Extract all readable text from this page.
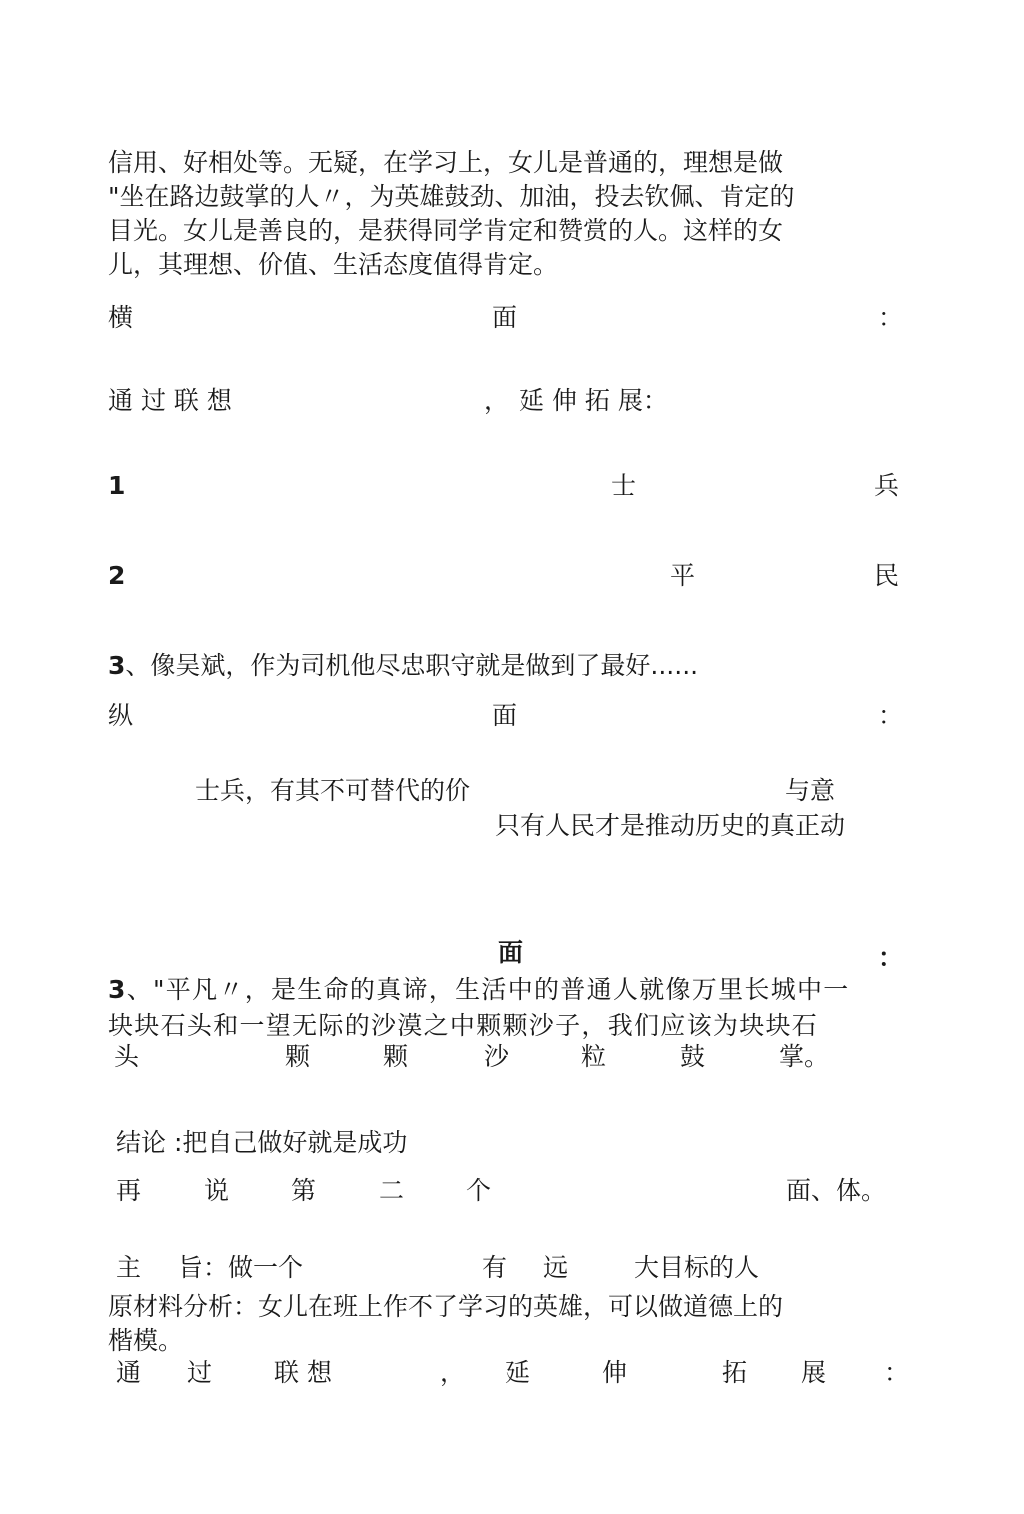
信用、好相处等。无疑，在学习上，女儿是普通的，理想是做
"坐在路边鼓掌的人〃，为英雄鼓劲、加油，投去钦佩、肯定的
目光。女儿是善良的，是获得同学肯定和赞赏的人。这样的女
儿，其理想、价值、生活态度值得肯定。
横	面	：
通 过 联 想	， 延 伸 拓 展：
1	士	兵
2	平	民
3、像吴斌，作为司机他尽忠职守就是做到了最好......
纵	面	：
士兵，有其不可替代的价	与意
只有人民才是推动历史的真正动
面	：
3、"平凡〃，是生命的真谛，生活中的普通人就像万里长城中一
块块石头和一望无际的沙漠之中颗颗沙子，我们应该为块块石
头	颗	颗	沙	粒	鼓	掌。
结论 :把自己做好就是成功
再	说 第	二 个	面、体。
主 旨：做一个	有 远	大目标的人
原材料分析：女儿在班上作不了学习的英雄，可以做道德上的
楷模。
通 过 联 想	， 延	伸	拓 展 ：
